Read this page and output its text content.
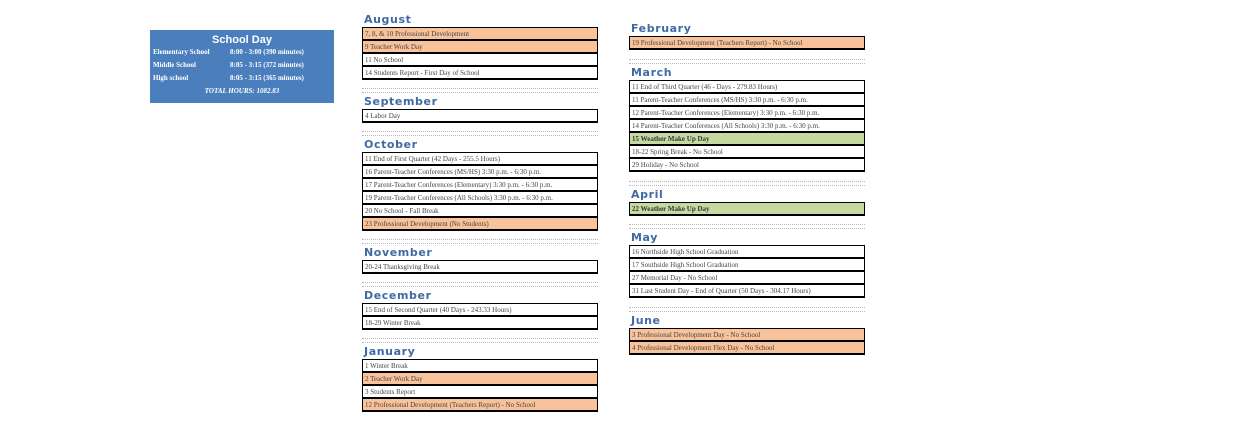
School Day
Elementary School	8:00 - 3:00 (390 minutes)
Middle School	8:05 - 3:15 (372 minutes)
High school	8:05 - 3:15 (365 minutes)
TOTAL HOURS: 1082.83
August
7, 8, & 10 Professional Development
9 Teacher Work Day
11 No School
14 Students Report - First Day of School
September
4 Labor Day
October
11 End of First Quarter (42 Days - 255.5 Hours)
16 Parent-Teacher Conferences (MS/HS) 3:30 p.m. - 6:30 p.m.
17 Parent-Teacher Conferences (Elementary) 3:30 p.m. - 6:30 p.m.
19 Parent-Teacher Conferences (All Schools) 3:30 p.m. - 6:30 p.m.
20 No School - Fall Break
23 Professional Development (No Students)
November
20-24 Thanksgiving Break
December
15 End of Second Quarter (40 Days - 243.33 Hours)
18-29 Winter Break
January
1 Winter Break
2 Teacher Work Day
3 Students Report
12 Professional Development (Teachers Report) - No School
February
19 Professional Development (Teachers Report) - No School
March
11 End of Third Quarter (46 - Days - 279.83 Hours)
11 Parent-Teacher Conferences (MS/HS) 3:30 p.m. - 6:30 p.m.
12 Parent-Teacher Conferences (Elementary) 3:30 p.m. - 6:30 p.m.
14 Parent-Teacher Conferences (All Schools) 3:30 p.m. - 6:30 p.m.
15 Weather Make Up Day
18-22 Spring Break - No School
29 Holiday - No School
April
22 Weather Make Up Day
May
16 Northside High School Graduation
17 Southside High School Graduation
27 Memorial Day - No School
31 Last Student Day - End of Quarter (50 Days - 304.17 Hours)
June
3 Professional Development Day - No School
4 Professional Development Flex Day - No School
